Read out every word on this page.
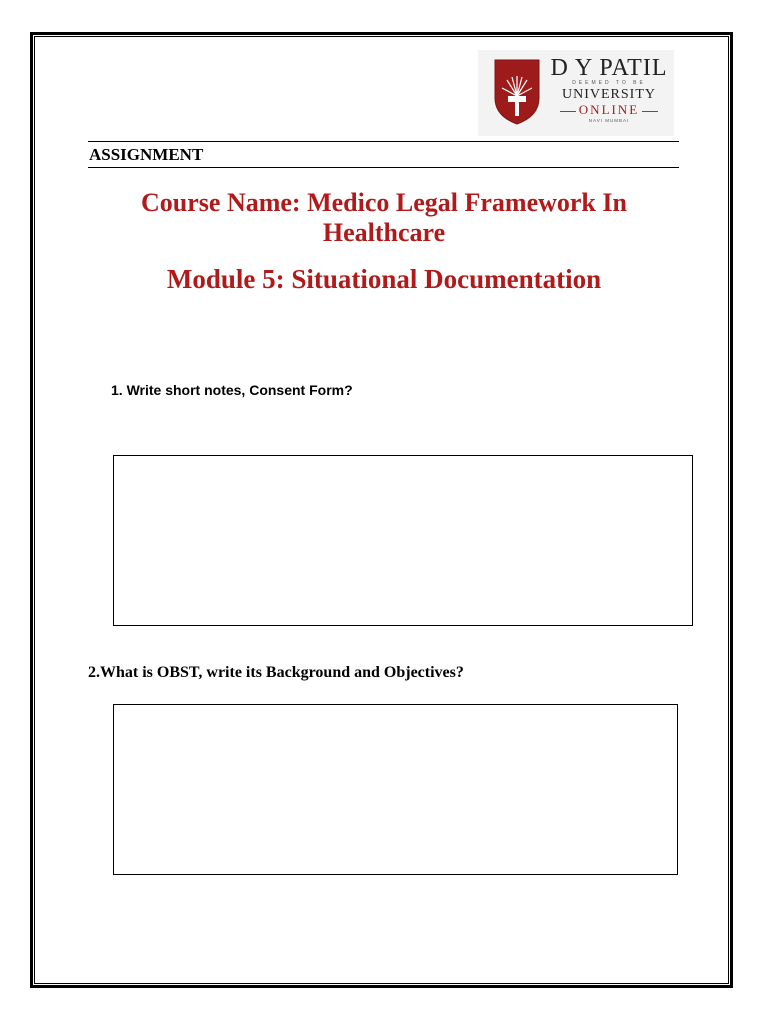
D Y PATIL
DEEMED TO BE
UNIVERSITY
ONLINE
NAVI MUMBAI
ASSIGNMENT
Course Name: Medico Legal Framework In Healthcare
Module 5: Situational Documentation
1. Write short notes, Consent Form?
2.What is OBST, write its Background and Objectives?
